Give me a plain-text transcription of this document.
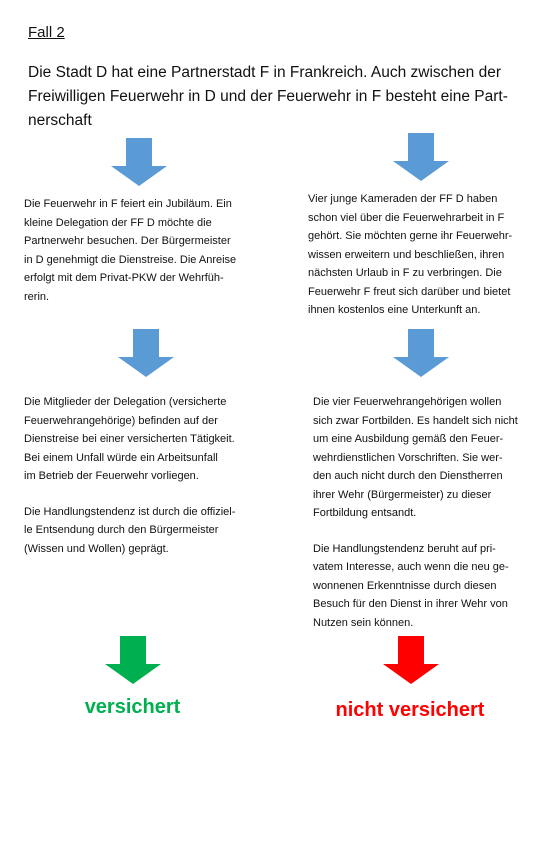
Fall 2
Die Stadt D hat eine Partnerstadt F in Frankreich. Auch zwischen der Freiwilligen Feuerwehr in D und der Feuerwehr in F besteht eine Part-nerschaft

Die Feuerwehr in F feiert ein Jubiläum. Ein
kleine Delegation der FF D möchte die
Partnerwehr besuchen. Der Bürgermeister
in D genehmigt die Dienstreise. Die Anreise
erfolgt mit dem Privat-PKW der Wehrfüh-
rerin.

Vier junge Kameraden der FF D haben
schon viel über die Feuerwehrarbeit in F
gehört. Sie möchten gerne ihr Feuerwehr-
wissen erweitern und beschließen, ihren
nächsten Urlaub in F zu verbringen. Die
Feuerwehr F freut sich darüber und bietet
ihnen kostenlos eine Unterkunft an.

Die Mitglieder der Delegation (versicherte
Feuerwehrangehörige) befinden auf der
Dienstreise bei einer versicherten Tätigkeit.
Bei einem Unfall würde ein Arbeitsunfall
im Betrieb der Feuerwehr vorliegen.

Die Handlungstendenz ist durch die offiziel-
le Entsendung durch den Bürgermeister
(Wissen und Wollen) geprägt.

Die vier Feuerwehrangehörigen wollen
sich zwar Fortbilden. Es handelt sich nicht
um eine Ausbildung gemäß den Feuer-
wehrdienstlichen Vorschriften. Sie wer-
den auch nicht durch den Dienstherren
ihrer Wehr (Bürgermeister) zu dieser
Fortbildung entsandt.

Die Handlungstendenz beruht auf pri-
vatem Interesse, auch wenn die neu ge-
wonnenen Erkenntnisse durch diesen
Besuch für den Dienst in ihrer Wehr von
Nutzen sein können.

versichert	nicht versichert
